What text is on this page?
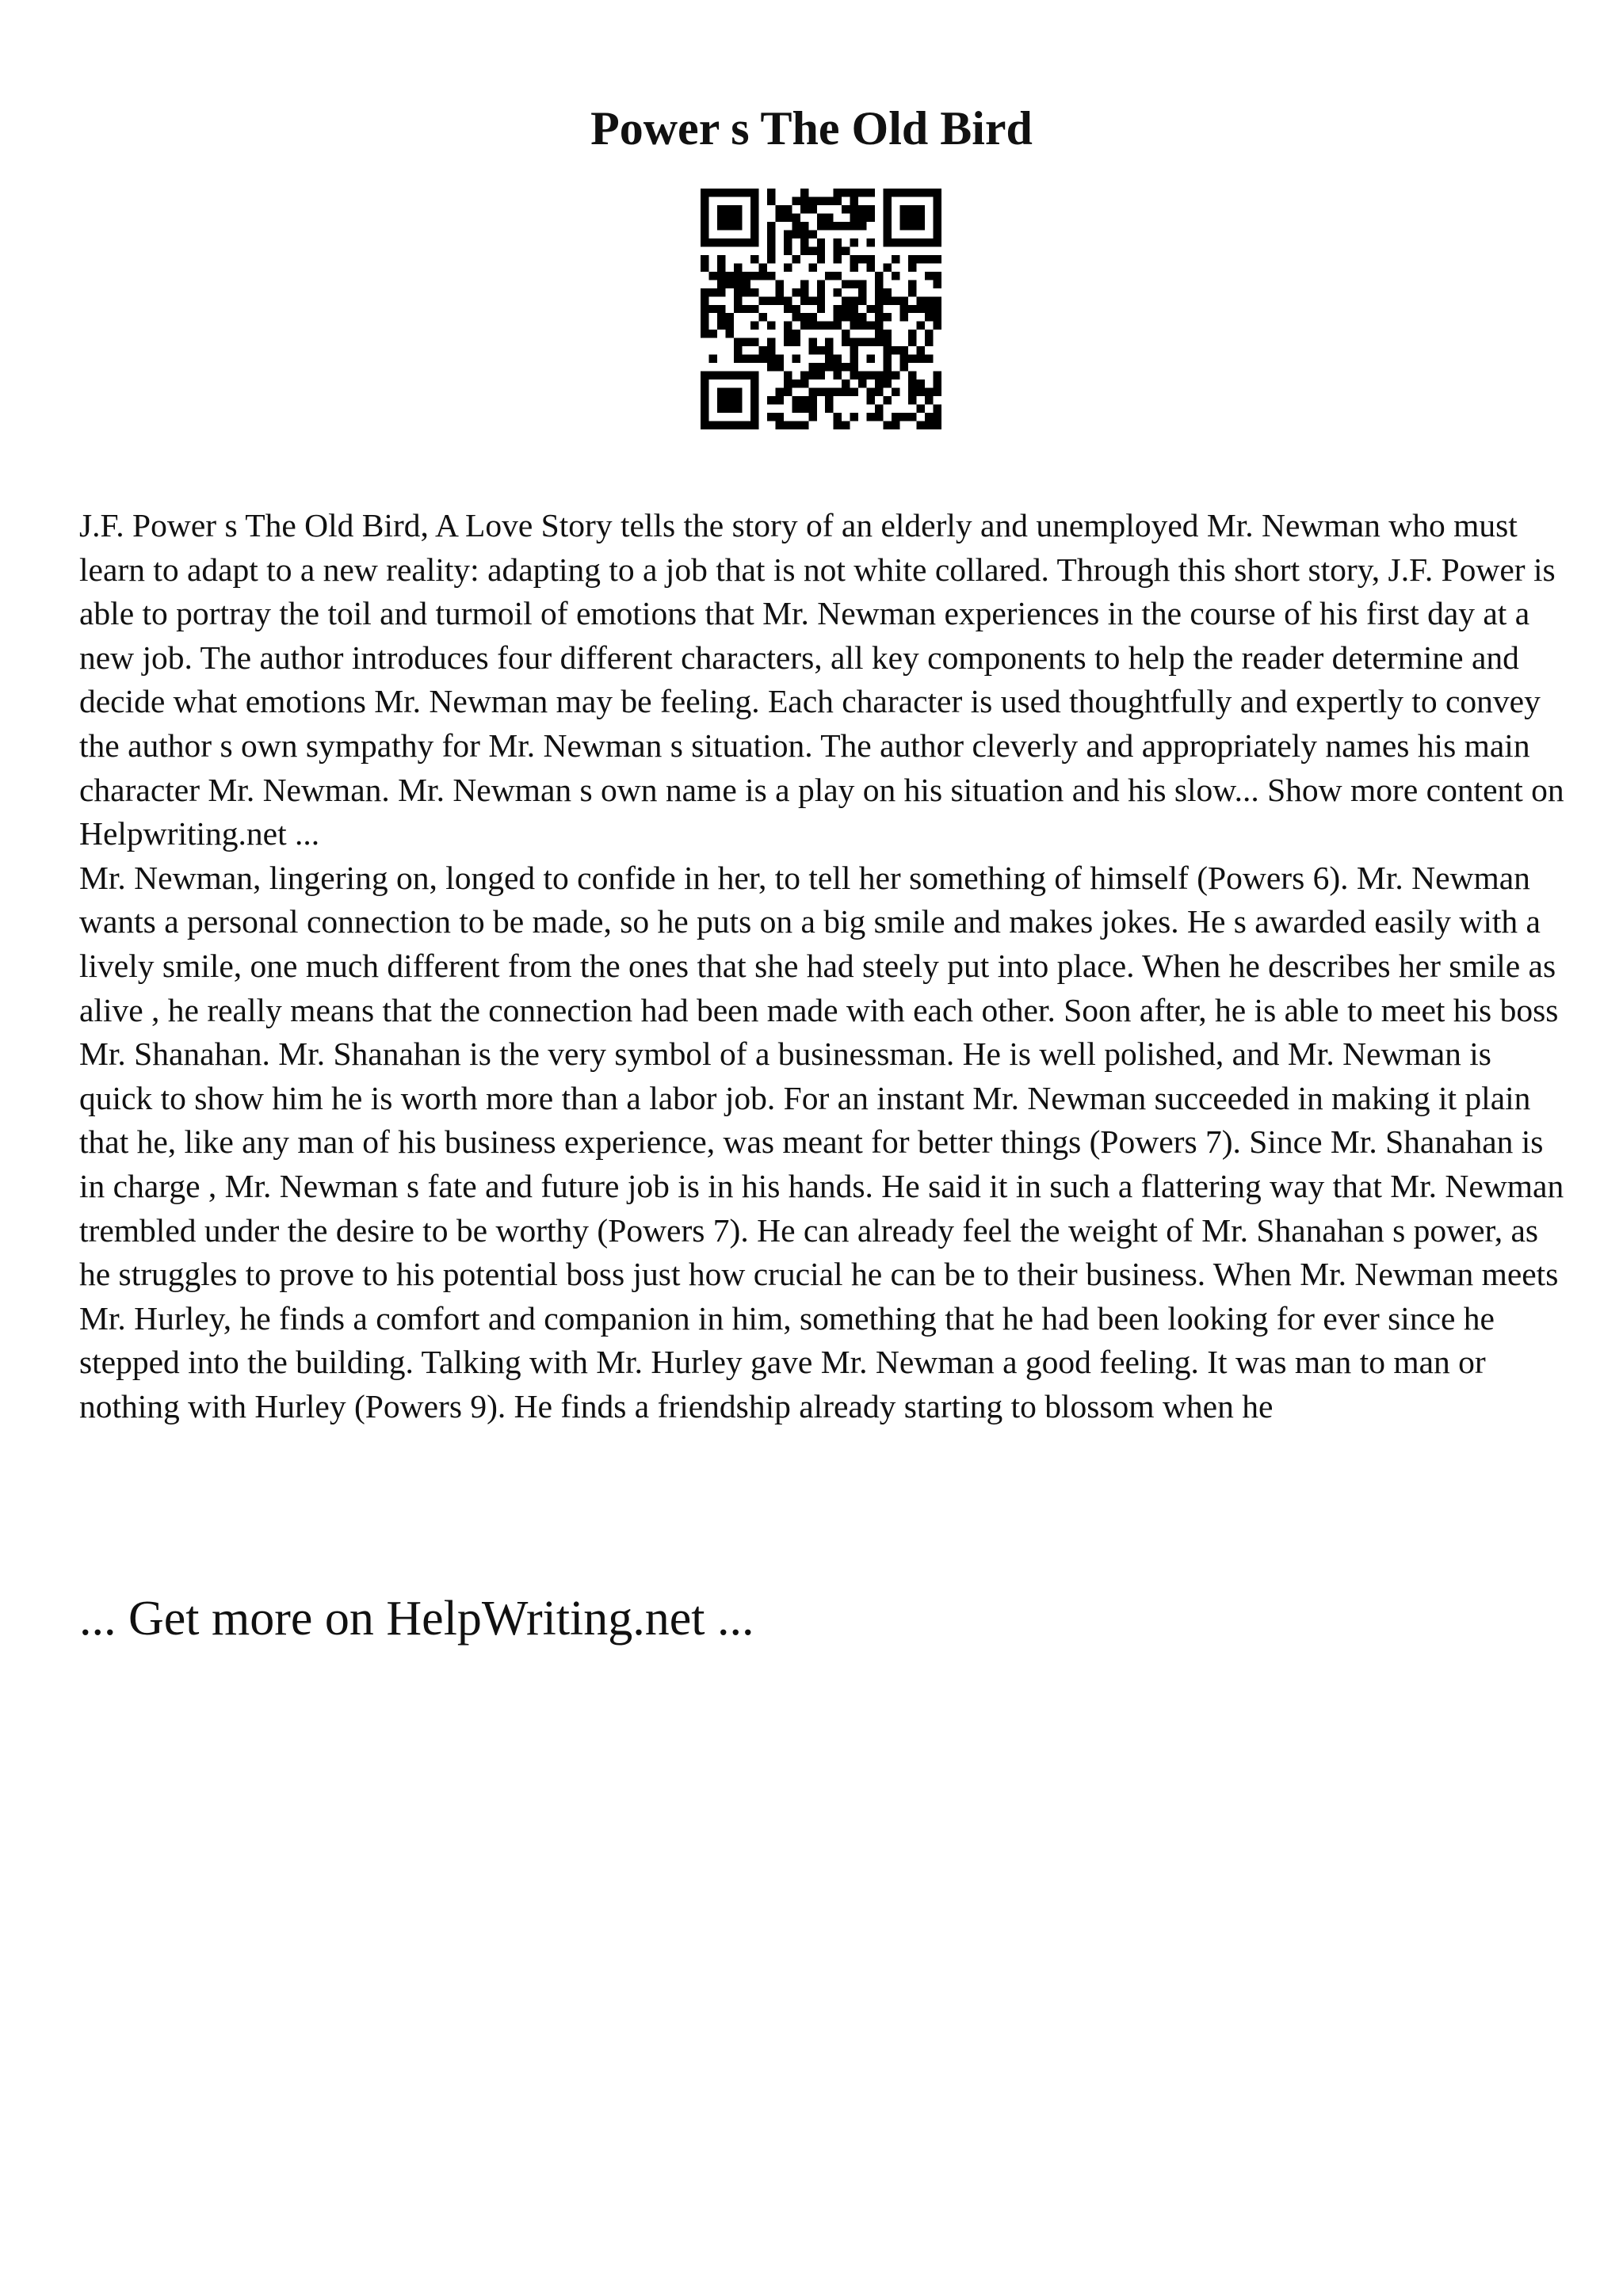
Power s The Old Bird

J.F. Power s The Old Bird, A Love Story tells the story of an elderly and unemployed Mr. Newman who must learn to adapt to a new reality: adapting to a job that is not white collared. Through this short story, J.F. Power is able to portray the toil and turmoil of emotions that Mr. Newman experiences in the course of his first day at a new job. The author introduces four different characters, all key components to help the reader determine and decide what emotions Mr. Newman may be feeling. Each character is used thoughtfully and expertly to convey the author s own sympathy for Mr. Newman s situation. The author cleverly and appropriately names his main character Mr. Newman. Mr. Newman s own name is a play on his situation and his slow... Show more content on Helpwriting.net ...

Mr. Newman, lingering on, longed to confide in her, to tell her something of himself (Powers 6). Mr. Newman wants a personal connection to be made, so he puts on a big smile and makes jokes. He s awarded easily with a lively smile, one much different from the ones that she had steely put into place. When he describes her smile as alive , he really means that the connection had been made with each other. Soon after, he is able to meet his boss Mr. Shanahan. Mr. Shanahan is the very symbol of a businessman. He is well polished, and Mr. Newman is quick to show him he is worth more than a labor job. For an instant Mr. Newman succeeded in making it plain that he, like any man of his business experience, was meant for better things (Powers 7). Since Mr. Shanahan is in charge , Mr. Newman s fate and future job is in his hands. He said it in such a flattering way that Mr. Newman trembled under the desire to be worthy (Powers 7). He can already feel the weight of Mr. Shanahan s power, as he struggles to prove to his potential boss just how crucial he can be to their business. When Mr. Newman meets Mr. Hurley, he finds a comfort and companion in him, something that he had been looking for ever since he stepped into the building. Talking with Mr. Hurley gave Mr. Newman a good feeling. It was man to man or nothing with Hurley (Powers 9). He finds a friendship already starting to blossom when he

... Get more on HelpWriting.net ...
